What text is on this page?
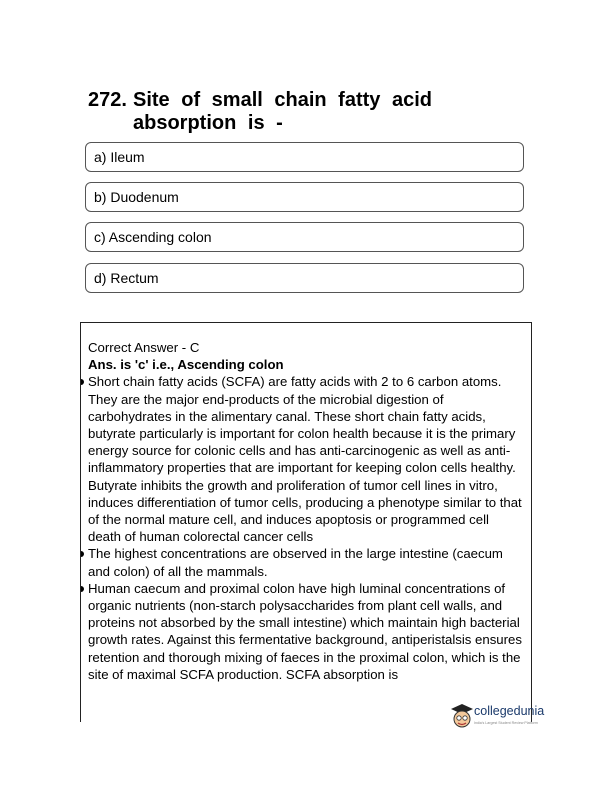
272. Site of small chain fatty acid absorption is -
a) Ileum
b) Duodenum
c) Ascending colon
d) Rectum

Correct Answer - C

Ans. is 'c' i.e., Ascending colon

Short chain fatty acids (SCFA) are fatty acids with 2 to 6 carbon atoms. They are the major end-products of the microbial digestion of carbohydrates in the alimentary canal. These short chain fatty acids, butyrate particularly is important for colon health because it is the primary energy source for colonic cells and has anti-carcinogenic as well as anti-inflammatory properties that are important for keeping colon cells healthy. Butyrate inhibits the growth and proliferation of tumor cell lines in vitro, induces differentiation of tumor cells, producing a phenotype similar to that of the normal mature cell, and induces apoptosis or programmed cell death of human colorectal cancer cells
The highest concentrations are observed in the large intestine (caecum and colon) of all the mammals.
Human caecum and proximal colon have high luminal concentrations of organic nutrients (non-starch polysaccharides from plant cell walls, and proteins not absorbed by the small intestine) which maintain high bacterial growth rates. Against this fermentative background, antiperistalsis ensures retention and thorough mixing of faeces in the proximal colon, which is the site of maximal SCFA production. SCFA absorption is
collegedunia
India's Largest Student Review Platform
